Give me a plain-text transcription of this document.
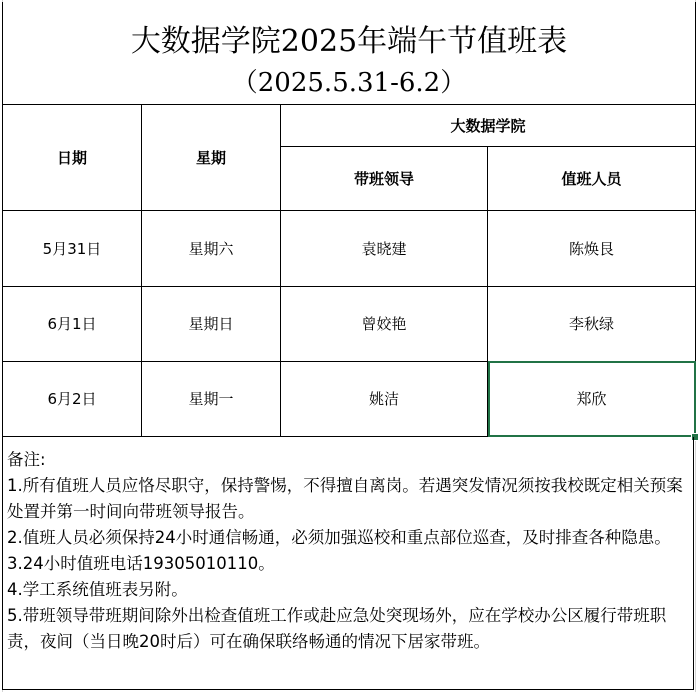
大数据学院2025年端午节值班表
（2025.5.31-6.2）
日期	星期	大数据学院	
		带班领导	值班人员
5月31日	星期六	袁晓建	陈焕艮
6月1日	星期日	曾姣艳	李秋绿
6月2日	星期一	姚洁	郑欣

备注:

1.所有值班人员应恪尽职守，保持警惕，不得擅自离岗。若遇突发情况须按我校既定相关预案处置并第一时间向带班领导报告。

2.值班人员必须保持24小时通信畅通，必须加强巡校和重点部位巡查，及时排查各种隐患。

3.24小时值班电话19305010110。

4.学工系统值班表另附。

5.带班领导带班期间除外出检查值班工作或赴应急处突现场外，应在学校办公区履行带班职责，夜间（当日晚20时后）可在确保联络畅通的情况下居家带班。
